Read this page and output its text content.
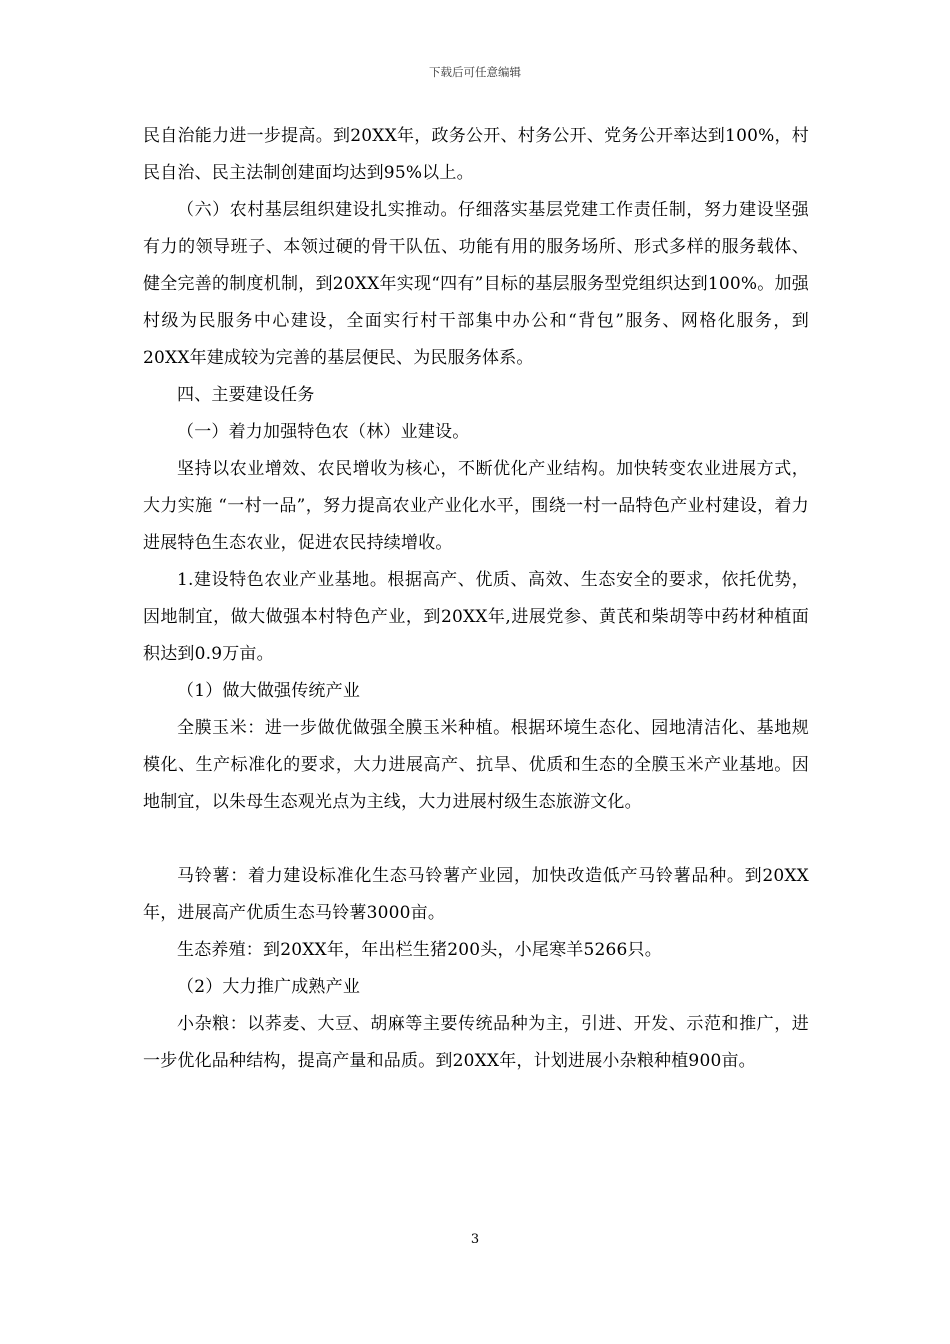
下载后可任意编辑

民自治能力进一步提高。到20XX年，政务公开、村务公开、党务公开率达到100%，村民自治、民主法制创建面均达到95%以上。

（六）农村基层组织建设扎实推动。仔细落实基层党建工作责任制，努力建设坚强有力的领导班子、本领过硬的骨干队伍、功能有用的服务场所、形式多样的服务载体、健全完善的制度机制，到20XX年实现“四有”目标的基层服务型党组织达到100%。加强村级为民服务中心建设，全面实行村干部集中办公和“背包”服务、网格化服务，到20XX年建成较为完善的基层便民、为民服务体系。

四、主要建设任务

（一）着力加强特色农（林）业建设。

坚持以农业增效、农民增收为核心，不断优化产业结构。加快转变农业进展方式，大力实施 “一村一品”，努力提高农业产业化水平，围绕一村一品特色产业村建设，着力进展特色生态农业，促进农民持续增收。

1.建设特色农业产业基地。根据高产、优质、高效、生态安全的要求，依托优势，因地制宜，做大做强本村特色产业，到20XX年,进展党参、黄芪和柴胡等中药材种植面积达到0.9万亩。

（1）做大做强传统产业

全膜玉米：进一步做优做强全膜玉米种植。根据环境生态化、园地清洁化、基地规模化、生产标准化的要求，大力进展高产、抗旱、优质和生态的全膜玉米产业基地。因地制宜，以朱母生态观光点为主线，大力进展村级生态旅游文化。

马铃薯：着力建设标准化生态马铃薯产业园，加快改造低产马铃薯品种。到20XX年，进展高产优质生态马铃薯3000亩。

生态养殖：到20XX年，年出栏生猪200头，小尾寒羊5266只。

（2）大力推广成熟产业

小杂粮：以荞麦、大豆、胡麻等主要传统品种为主，引进、开发、示范和推广，进一步优化品种结构，提高产量和品质。到20XX年，计划进展小杂粮种植900亩。

3
